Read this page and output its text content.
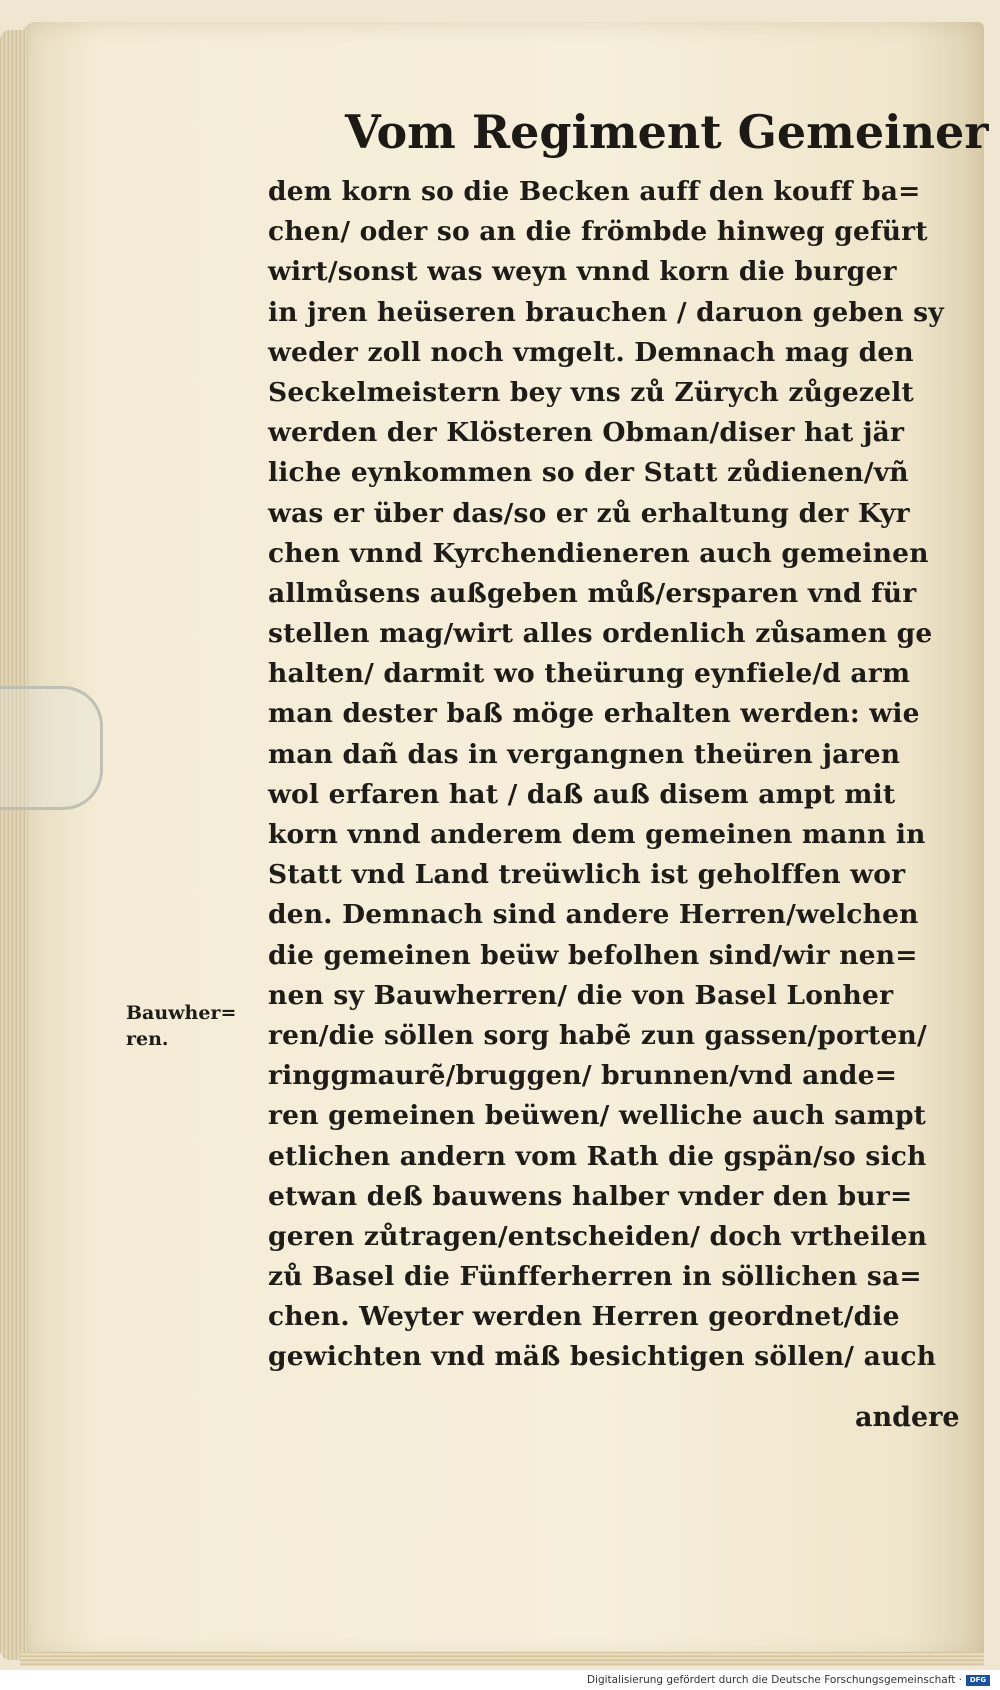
Vom Regiment Gemeiner
dem korn so die Becken auff den kouff ba=
chen/ oder so an die frömbde hinweg gefürt
wirt/sonst was weyn vnnd korn die burger
in jren heüseren brauchen / daruon geben sy
weder zoll noch vmgelt. Demnach mag den
Seckelmeistern bey vns zů Zürych zůgezelt
werden der Klösteren Obman/diser hat jär
liche eynkommen so der Statt zůdienen/vñ
was er über das/so er zů erhaltung der Kyr
chen vnnd Kyrchendieneren auch gemeinen
allmůsens außgeben můß/ersparen vnd für
stellen mag/wirt alles ordenlich zůsamen ge
halten/ darmit wo theürung eynfiele/d arm
man dester baß möge erhalten werden: wie
man dañ das in vergangnen theüren jaren
wol erfaren hat / daß auß disem ampt mit
korn vnnd anderem dem gemeinen mann in
Statt vnd Land treüwlich ist geholffen wor
den. Demnach sind andere Herren/welchen
die gemeinen beüw befolhen sind/wir nen=
nen sy Bauwherren/ die von Basel Lonher
ren/die söllen sorg habẽ zun gassen/porten/
ringgmaurẽ/bruggen/ brunnen/vnd ande=
ren gemeinen beüwen/ welliche auch sampt
etlichen andern vom Rath die gspän/so sich
etwan deß bauwens halber vnder den bur=
geren zůtragen/entscheiden/ doch vrtheilen
zů Basel die Fünfferherren in söllichen sa=
chen. Weyter werden Herren geordnet/die
gewichten vnd mäß besichtigen söllen/ auch
andere
Bauwher=
ren.
Digitalisierung gefördert durch die Deutsche Forschungsgemeinschaft ·	DFG
